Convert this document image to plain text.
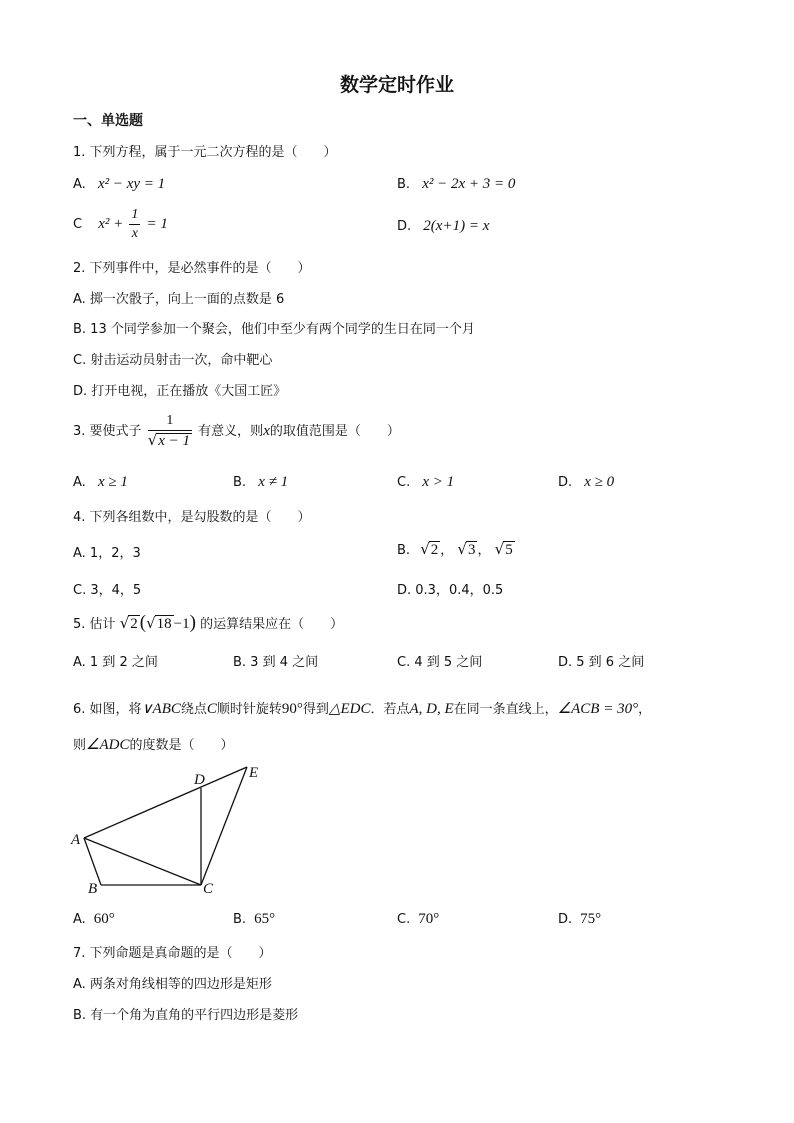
数学定时作业
一、单选题
1. 下列方程，属于一元二次方程的是（　　）
A. x² − xy = 1	B. x² − 2x + 3 = 0
C $x^2 + \frac{1}{x} = 1$	D. 2(x+1) = x
2. 下列事件中，是必然事件的是（　　）
A. 掷一次骰子，向上一面的点数是 6
B. 13 个同学参加一个聚会，他们中至少有两个同学的生日在同一个月
C. 射击运动员射击一次，命中靶心
D. 打开电视，正在播放《大国工匠》
3. 要使式子 $\frac{1}{√x - 1}$ 有意义，则x的取值范围是（　　）
A. x ≥ 1	B. x ≠ 1	C. x > 1	D. x ≥ 0
4. 下列各组数中，是勾股数的是（　　）
A. 1，2，3	B. √2 ， √3 ， √5
C. 3，4，5	D. 0.3，0.4，0.5
5. 估计 √2 (√18 −1) 的运算结果应在（　　）
A. 1 到 2 之间	B. 3 到 4 之间	C. 4 到 5 之间	D. 5 到 6 之间
6. 如图，将∨ABC绕点C顺时针旋转90°得到△EDC．若点A, D, E在同一条直线上，∠ACB = 30°，
则∠ADC的度数是（　　）
A
B	C
D	E
A. 60°	B. 65°	C. 70°	D. 75°
7. 下列命题是真命题的是（　　）
A. 两条对角线相等的四边形是矩形
B. 有一个角为直角的平行四边形是菱形
